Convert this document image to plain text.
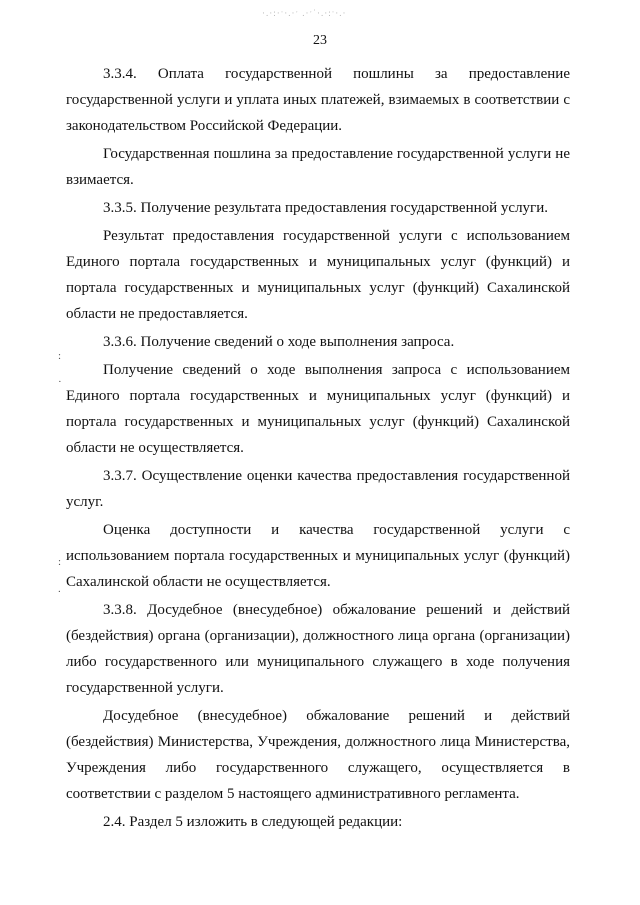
·.·:·ˑ·.·ˑ .·ˑ˙·.·:ˑ·.·
23
:
·
:
.

3.3.4. Оплата государственной пошлины за предоставление государственной услуги и уплата иных платежей, взимаемых в соответствии с законодательством Российской Федерации.

Государственная пошлина за предоставление государственной услуги не взимается.

3.3.5. Получение результата предоставления государственной услуги.

Результат предоставления государственной услуги с использованием Единого портала государственных и муниципальных услуг (функций) и портала государственных и муниципальных услуг (функций) Сахалинской области не предоставляется.

3.3.6. Получение сведений о ходе выполнения запроса.

Получение сведений о ходе выполнения запроса с использованием Единого портала государственных и муниципальных услуг (функций) и портала государственных и муниципальных услуг (функций) Сахалинской области не осуществляется.

3.3.7. Осуществление оценки качества предоставления государственной услуг.

Оценка доступности и качества государственной услуги с использованием портала государственных и муниципальных услуг (функций) Сахалинской области не осуществляется.

3.3.8. Досудебное (внесудебное) обжалование решений и действий (бездействия) органа (организации), должностного лица органа (организации) либо государственного или муниципального служащего в ходе получения государственной услуги.

Досудебное (внесудебное) обжалование решений и действий (бездействия) Министерства, Учреждения, должностного лица Министерства, Учреждения либо государственного служащего, осуществляется в соответствии с разделом 5 настоящего административного регламента.

2.4. Раздел 5 изложить в следующей редакции:
